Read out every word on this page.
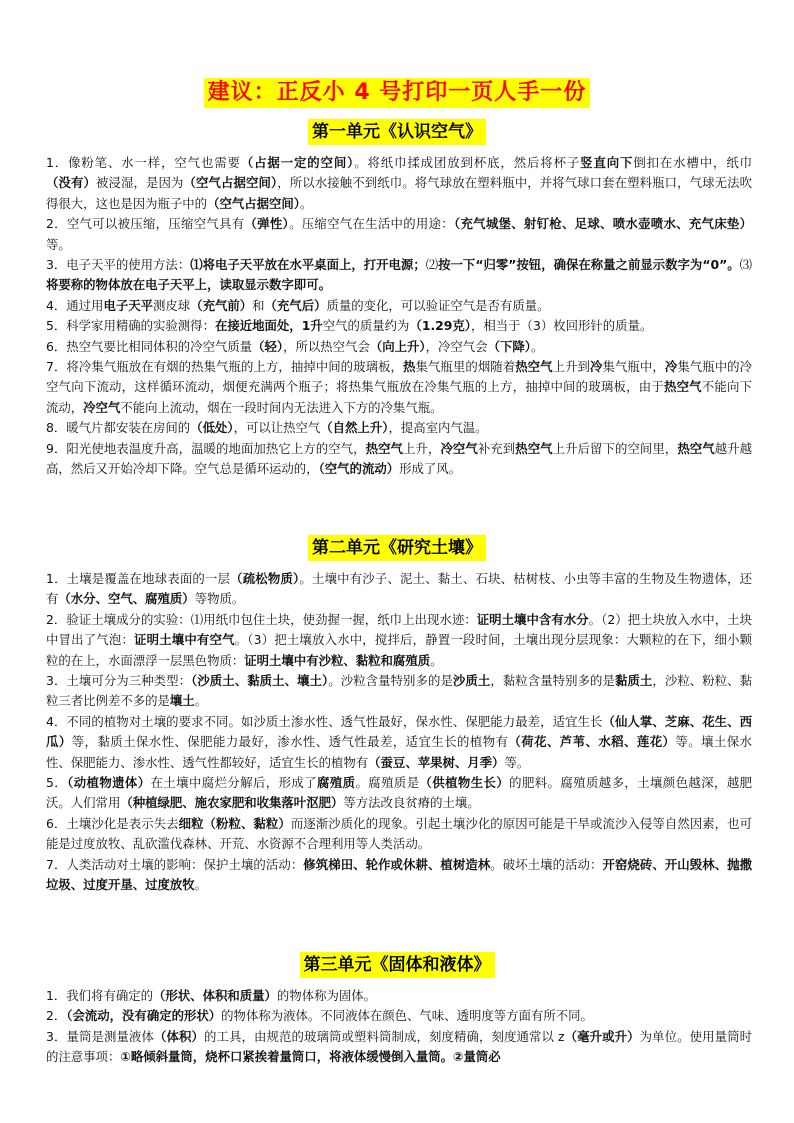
建议：正反小 4 号打印一页人手一份
第一单元《认识空气》

1．像粉笔、水一样，空气也需要（占据一定的空间）。将纸巾揉成团放到杯底，然后将杯子竖直向下倒扣在水槽中，纸巾（没有）被浸湿，是因为（空气占据空间），所以水接触不到纸巾。将气球放在塑料瓶中，并将气球口套在塑料瓶口，气球无法吹得很大，这也是因为瓶子中的（空气占据空间）。

2．空气可以被压缩，压缩空气具有（弹性）。压缩空气在生活中的用途：（充气城堡、射钉枪、足球、喷水壶喷水、充气床垫）等。

3．电子天平的使用方法：⑴将电子天平放在水平桌面上，打开电源；⑵按一下“归零”按钮，确保在称量之前显示数字为“0”。⑶将要称的物体放在电子天平上，读取显示数字即可。

4．通过用电子天平测皮球（充气前）和（充气后）质量的变化，可以验证空气是否有质量。

5．科学家用精确的实验测得：在接近地面处，1升空气的质量约为（1.29克），相当于（3）枚回形针的质量。

6．热空气要比相同体积的冷空气质量（轻），所以热空气会（向上升），冷空气会（下降）。

7．将冷集气瓶放在有烟的热集气瓶的上方，抽掉中间的玻璃板，热集气瓶里的烟随着热空气上升到冷集气瓶中，冷集气瓶中的冷空气向下流动，这样循环流动，烟便充满两个瓶子；将热集气瓶放在冷集气瓶的上方，抽掉中间的玻璃板，由于热空气不能向下流动，冷空气不能向上流动，烟在一段时间内无法进入下方的冷集气瓶。

8．暖气片都安装在房间的（低处），可以让热空气（自然上升），提高室内气温。

9．阳光使地表温度升高，温暖的地面加热它上方的空气，热空气上升，冷空气补充到热空气上升后留下的空间里，热空气越升越高，然后又开始冷却下降。空气总是循环运动的，（空气的流动）形成了风。

第二单元《研究土壤》

1．土壤是覆盖在地球表面的一层（疏松物质）。土壤中有沙子、泥土、黏土、石块、枯树枝、小虫等丰富的生物及生物遗体，还有（水分、空气、腐殖质）等物质。

2．验证土壤成分的实验：⑴用纸巾包住土块，使劲握一握，纸巾上出现水迹：证明土壤中含有水分。（2）把土块放入水中，土块中冒出了气泡：证明土壤中有空气。（3）把土壤放入水中，搅拌后，静置一段时间，土壤出现分层现象：大颗粒的在下，细小颗粒的在上，水面漂浮一层黑色物质：证明土壤中有沙粒、黏粒和腐殖质。

3．土壤可分为三种类型：（沙质土、黏质土、壤土）。沙粒含量特别多的是沙质土，黏粒含量特别多的是黏质土，沙粒、粉粒、黏粒三者比例差不多的是壤土。

4．不同的植物对土壤的要求不同。如沙质土渗水性、透气性最好，保水性、保肥能力最差，适宜生长（仙人掌、芝麻、花生、西瓜）等，黏质土保水性、保肥能力最好，渗水性、透气性最差，适宜生长的植物有（荷花、芦苇、水稻、莲花）等。壤土保水性、保肥能力、渗水性、透气性都较好，适宜生长的植物有（蚕豆、苹果树、月季）等。

5．（动植物遗体）在土壤中腐烂分解后，形成了腐殖质。腐殖质是（供植物生长）的肥料。腐殖质越多，土壤颜色越深，越肥沃。人们常用（种植绿肥、施农家肥和收集落叶沤肥）等方法改良贫瘠的土壤。

6．土壤沙化是表示失去细粒（粉粒、黏粒）而逐渐沙质化的现象。引起土壤沙化的原因可能是干旱或流沙入侵等自然因素，也可能是过度放牧、乱砍滥伐森林、开荒、水资源不合理利用等人类活动。

7．人类活动对土壤的影响：保护土壤的活动：修筑梯田、轮作或休耕、植树造林。破坏土壤的活动：开窑烧砖、开山毁林、抛撒垃圾、过度开垦、过度放牧。

第三单元《固体和液体》

1．我们将有确定的（形状、体积和质量）的物体称为固体。

2．（会流动，没有确定的形状）的物体称为液体。不同液体在颜色、气味、透明度等方面有所不同。

3．量筒是测量液体（体积）的工具，由规范的玻璃筒或塑料筒制成，刻度精确，刻度通常以 z（毫升或升）为单位。使用量筒时的注意事项：①略倾斜量筒，烧杯口紧挨着量筒口，将液体缓慢倒入量筒。②量筒必
